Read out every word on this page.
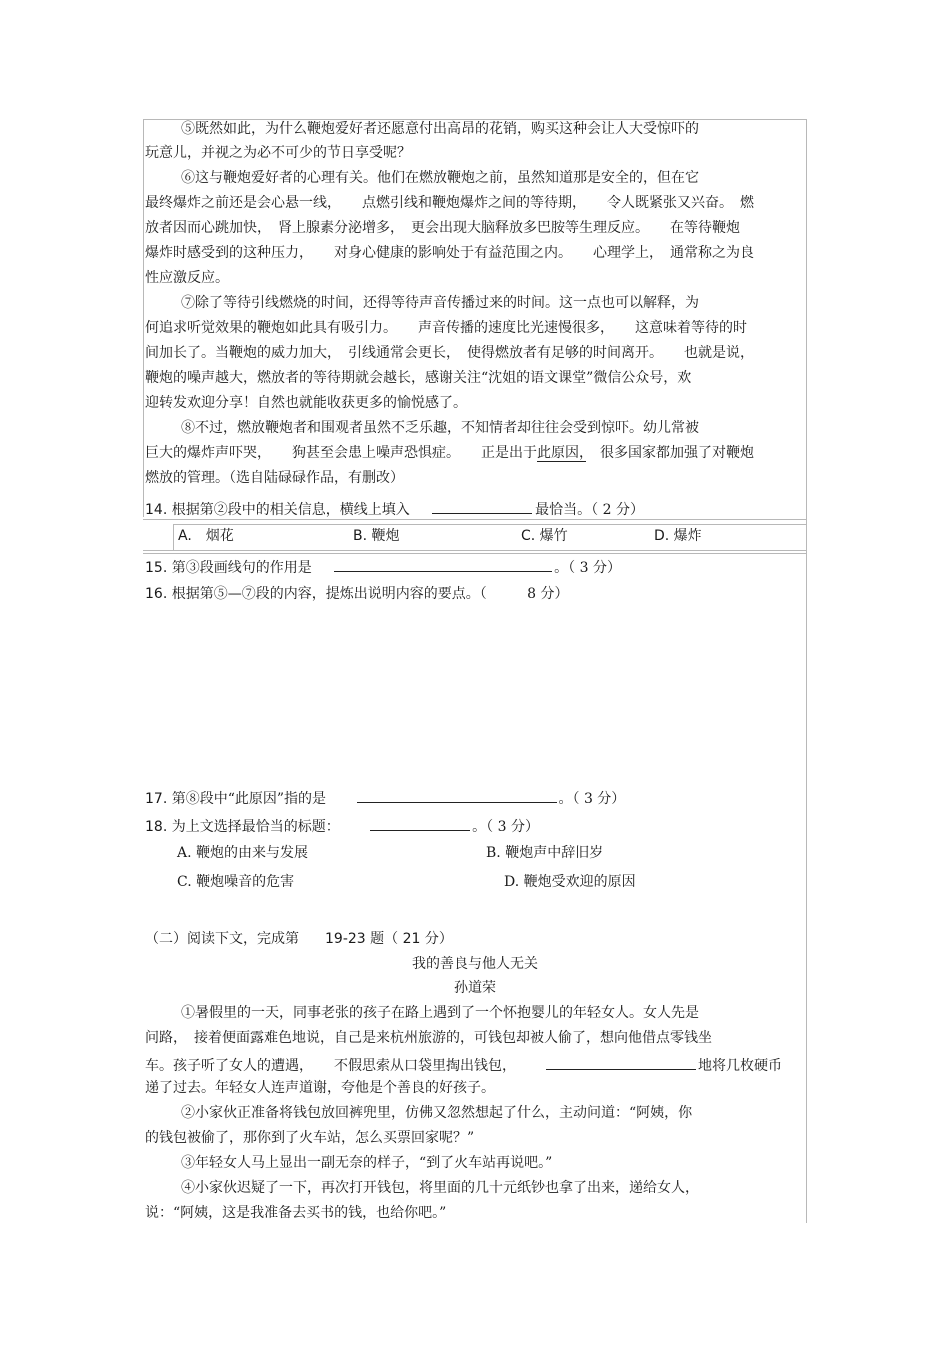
⑤既然如此，为什么鞭炮爱好者还愿意付出高昂的花销，购买这种会让人大受惊吓的
玩意儿，并视之为必不可少的节日享受呢？
⑥这与鞭炮爱好者的心理有关。他们在燃放鞭炮之前，虽然知道那是安全的，但在它
最终爆炸之前还是会心悬一线，　　点燃引线和鞭炮爆炸之间的等待期，　　令人既紧张又兴奋。　燃
放者因而心跳加快，　肾上腺素分泌增多，　更会出现大脑释放多巴胺等生理反应。　　在等待鞭炮
爆炸时感受到的这种压力，　　对身心健康的影响处于有益范围之内。　　心理学上，　通常称之为良
性应激反应。
⑦除了等待引线燃烧的时间，还得等待声音传播过来的时间。这一点也可以解释，为
何追求听觉效果的鞭炮如此具有吸引力。　　声音传播的速度比光速慢很多，　　这意味着等待的时
间加长了。当鞭炮的威力加大，　引线通常会更长，　使得燃放者有足够的时间离开。　　也就是说，
鞭炮的噪声越大，燃放者的等待期就会越长，感谢关注“沈姐的语文课堂”微信公众号，欢
迎转发欢迎分享！自然也就能收获更多的愉悦感了。
⑧不过，燃放鞭炮者和围观者虽然不乏乐趣，不知情者却往往会受到惊吓。幼儿常被
巨大的爆炸声吓哭，　　狗甚至会患上噪声恐惧症。　　正是出于此原因，　很多国家都加强了对鞭炮
燃放的管理。（选自陆碌碌作品，有删改）
14. 根据第②段中的相关信息，横线上填入	最恰当。（ 2 分）
A.　烟花	B. 鞭炮	C. 爆竹	D. 爆炸
15. 第③段画线句的作用是	。（ 3 分）
16. 根据第⑤—⑦段的内容，提炼出说明内容的要点。（	8 分）
17. 第⑧段中“此原因”指的是	。（ 3 分）
18. 为上文选择最恰当的标题：	。（ 3 分）
A. 鞭炮的由来与发展	B. 鞭炮声中辞旧岁
C. 鞭炮噪音的危害	D. 鞭炮受欢迎的原因
（二）阅读下文，完成第 19-23 题（ 21 分）
我的善良与他人无关
孙道荣
①暑假里的一天，同事老张的孩子在路上遇到了一个怀抱婴儿的年轻女人。女人先是
问路，　接着便面露难色地说，自己是来杭州旅游的，可钱包却被人偷了，想向他借点零钱坐
车。孩子听了女人的遭遇，　　不假思索从口袋里掏出钱包，	地将几枚硬币
递了过去。年轻女人连声道谢，夸他是个善良的好孩子。
②小家伙正准备将钱包放回裤兜里，仿佛又忽然想起了什么，主动问道：“阿姨，你
的钱包被偷了，那你到了火车站，怎么买票回家呢？”
③年轻女人马上显出一副无奈的样子，“到了火车站再说吧。”
④小家伙迟疑了一下，再次打开钱包，将里面的几十元纸钞也拿了出来，递给女人，
说：“阿姨，这是我准备去买书的钱，也给你吧。”
